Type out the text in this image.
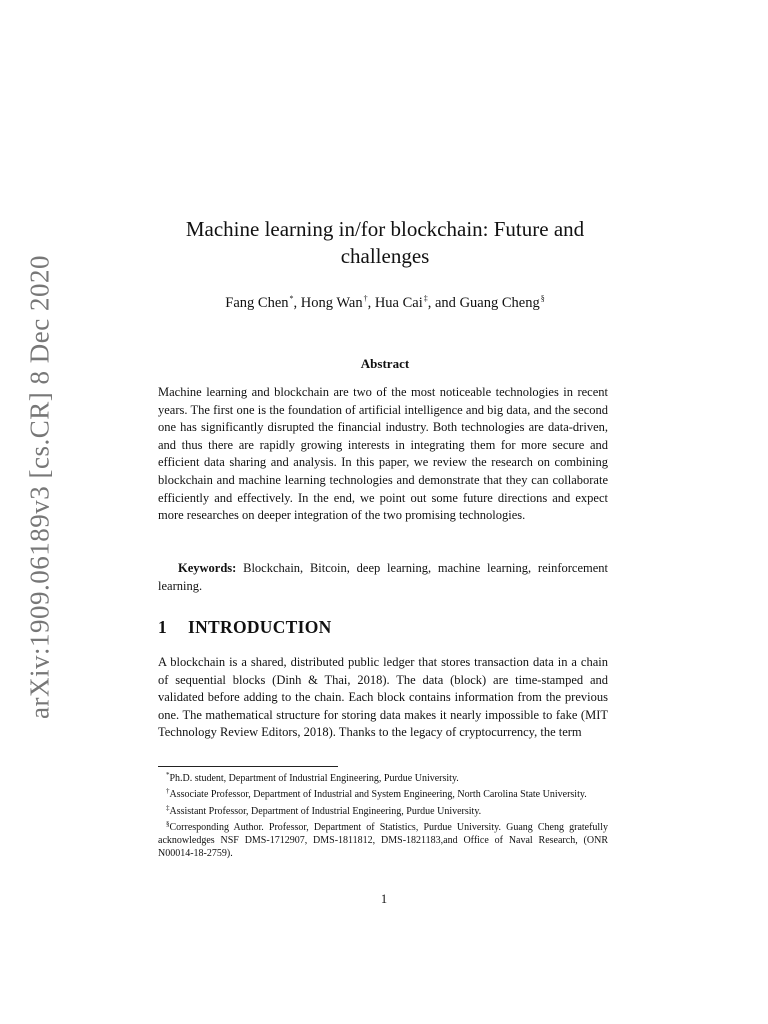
arXiv:1909.06189v3 [cs.CR] 8 Dec 2020
Machine learning in/for blockchain: Future and
challenges
Fang Chen*, Hong Wan†, Hua Cai‡, and Guang Cheng§
Abstract

Machine learning and blockchain are two of the most noticeable technologies in recent years. The first one is the foundation of artificial intelligence and big data, and the second one has significantly disrupted the financial industry. Both technologies are data-driven, and thus there are rapidly growing interests in integrating them for more secure and efficient data sharing and analysis. In this paper, we review the research on combining blockchain and machine learning technologies and demonstrate that they can collaborate efficiently and effectively. In the end, we point out some future directions and expect more researches on deeper integration of the two promising technologies.

Keywords: Blockchain, Bitcoin, deep learning, machine learning, reinforcement learning.

1 INTRODUCTION

A blockchain is a shared, distributed public ledger that stores transaction data in a chain of sequential blocks (Dinh & Thai, 2018). The data (block) are time-stamped and validated before adding to the chain. Each block contains information from the previous one. The mathematical structure for storing data makes it nearly impossible to fake (MIT Technology Review Editors, 2018). Thanks to the legacy of cryptocurrency, the term

*Ph.D. student, Department of Industrial Engineering, Purdue University.

†Associate Professor, Department of Industrial and System Engineering, North Carolina State University.

‡Assistant Professor, Department of Industrial Engineering, Purdue University.

§Corresponding Author. Professor, Department of Statistics, Purdue University. Guang Cheng gratefully acknowledges NSF DMS-1712907, DMS-1811812, DMS-1821183,and Office of Naval Research, (ONR N00014-18-2759).

1
